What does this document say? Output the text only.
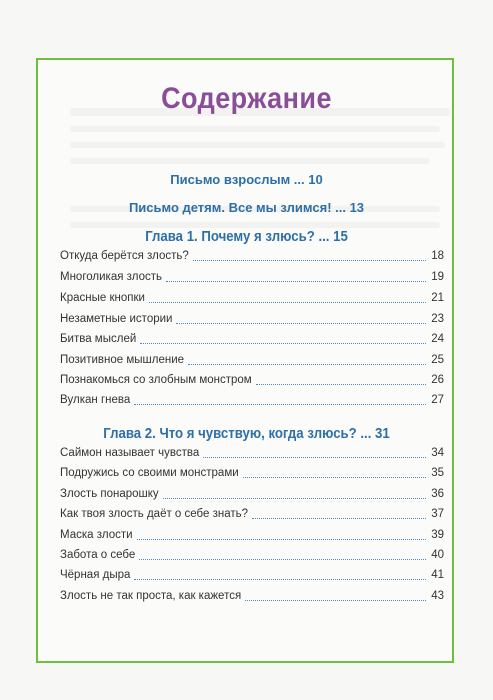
Содержание
Письмо взрослым ... 10
Письмо детям. Все мы злимся! ... 13
Глава 1. Почему я злюсь? ... 15
Откуда берётся злость?	18
Многоликая злость	19
Красные кнопки	21
Незаметные истории	23
Битва мыслей	24
Позитивное мышление	25
Познакомься со злобным монстром	26
Вулкан гнева	27
Глава 2. Что я чувствую, когда злюсь? ... 31
Саймон называет чувства	34
Подружись со своими монстрами	35
Злость понарошку	36
Как твоя злость даёт о себе знать?	37
Маска злости	39
Забота о себе	40
Чёрная дыра	41
Злость не так проста, как кажется	43
